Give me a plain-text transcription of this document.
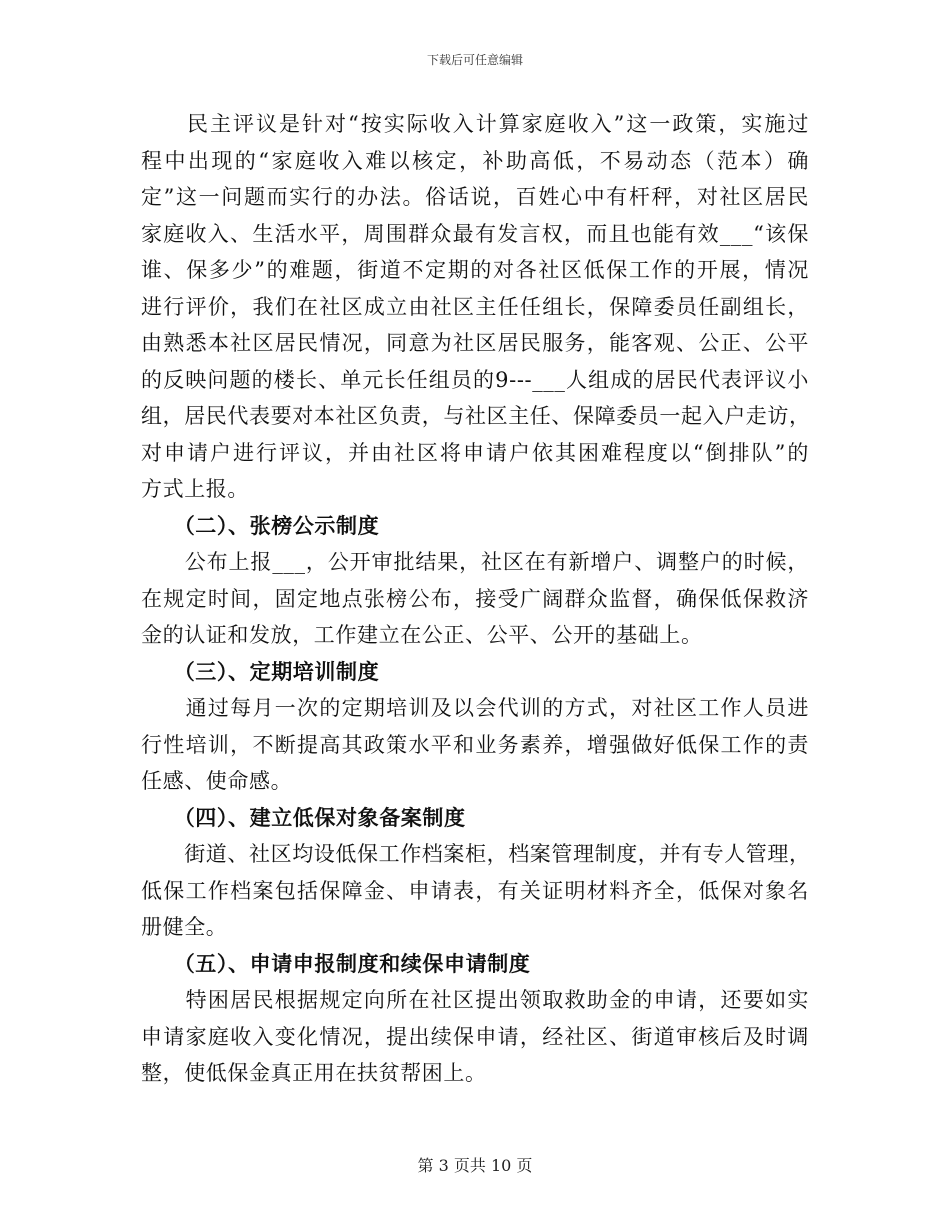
下载后可任意编辑
　　民主评议是针对“按实际收入计算家庭收入”这一政策，实施过
程中出现的“家庭收入难以核定，补助高低，不易动态（范本）确
定”这一问题而实行的办法。俗话说，百姓心中有杆秤，对社区居民
家庭收入、生活水平，周围群众最有发言权，而且也能有效___“该保
谁、保多少”的难题，街道不定期的对各社区低保工作的开展，情况
进行评价，我们在社区成立由社区主任任组长，保障委员任副组长，
由熟悉本社区居民情况，同意为社区居民服务，能客观、公正、公平
的反映问题的楼长、单元长任组员的9---___人组成的居民代表评议小
组，居民代表要对本社区负责，与社区主任、保障委员一起入户走访，
对申请户进行评议，并由社区将申请户依其困难程度以“倒排队”的
方式上报。
　　（二）、张榜公示制度
　　公布上报___，公开审批结果，社区在有新增户、调整户的时候，
在规定时间，固定地点张榜公布，接受广阔群众监督，确保低保救济
金的认证和发放，工作建立在公正、公平、公开的基础上。
　　（三）、定期培训制度
　　通过每月一次的定期培训及以会代训的方式，对社区工作人员进
行性培训，不断提高其政策水平和业务素养，增强做好低保工作的责
任感、使命感。
　　（四）、建立低保对象备案制度
　　街道、社区均设低保工作档案柜，档案管理制度，并有专人管理，
低保工作档案包括保障金、申请表，有关证明材料齐全，低保对象名
册健全。
　　（五）、申请申报制度和续保申请制度
　　特困居民根据规定向所在社区提出领取救助金的申请，还要如实
申请家庭收入变化情况，提出续保申请，经社区、街道审核后及时调
整，使低保金真正用在扶贫帮困上。
第 3 页共 10 页
